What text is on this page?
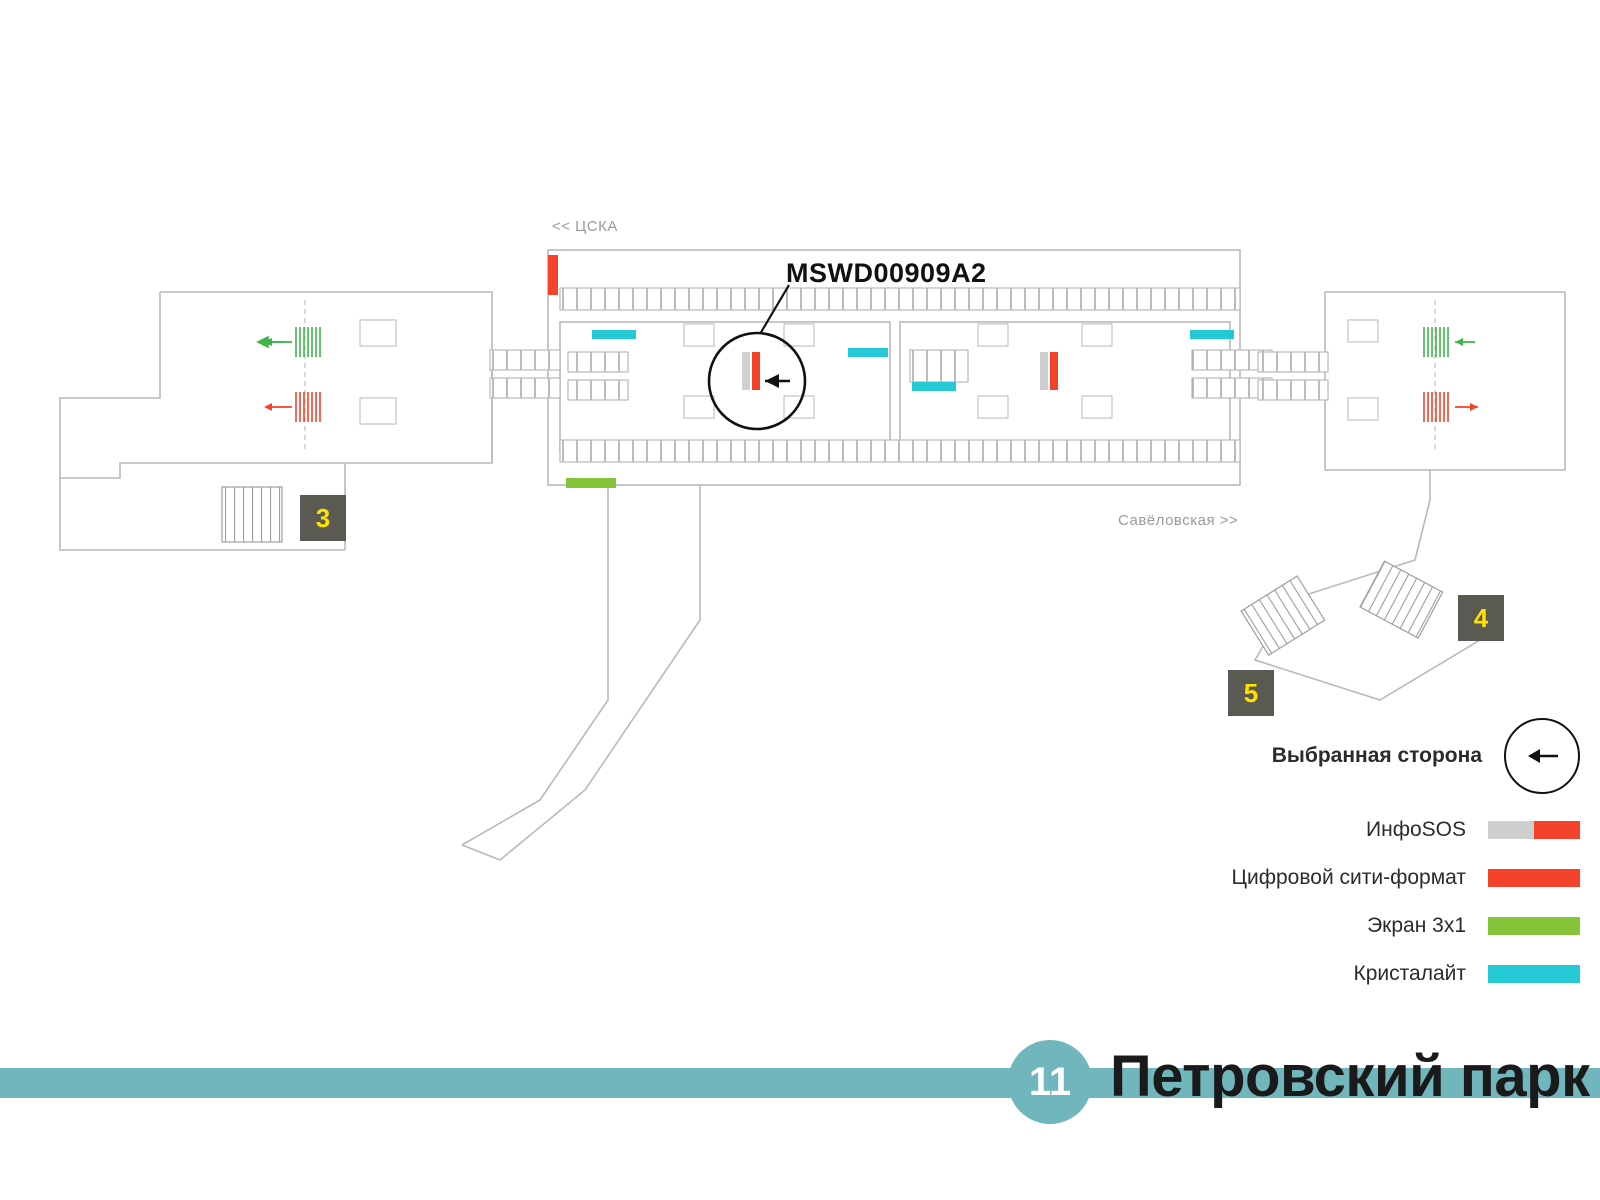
<< ЦСКА
Савёловская >>
MSWD00909A2
3
4
5
Выбранная сторона
ИнфоSOS
Цифровой сити-формат
Экран 3х1
Кристалайт
11 Петровский парк
